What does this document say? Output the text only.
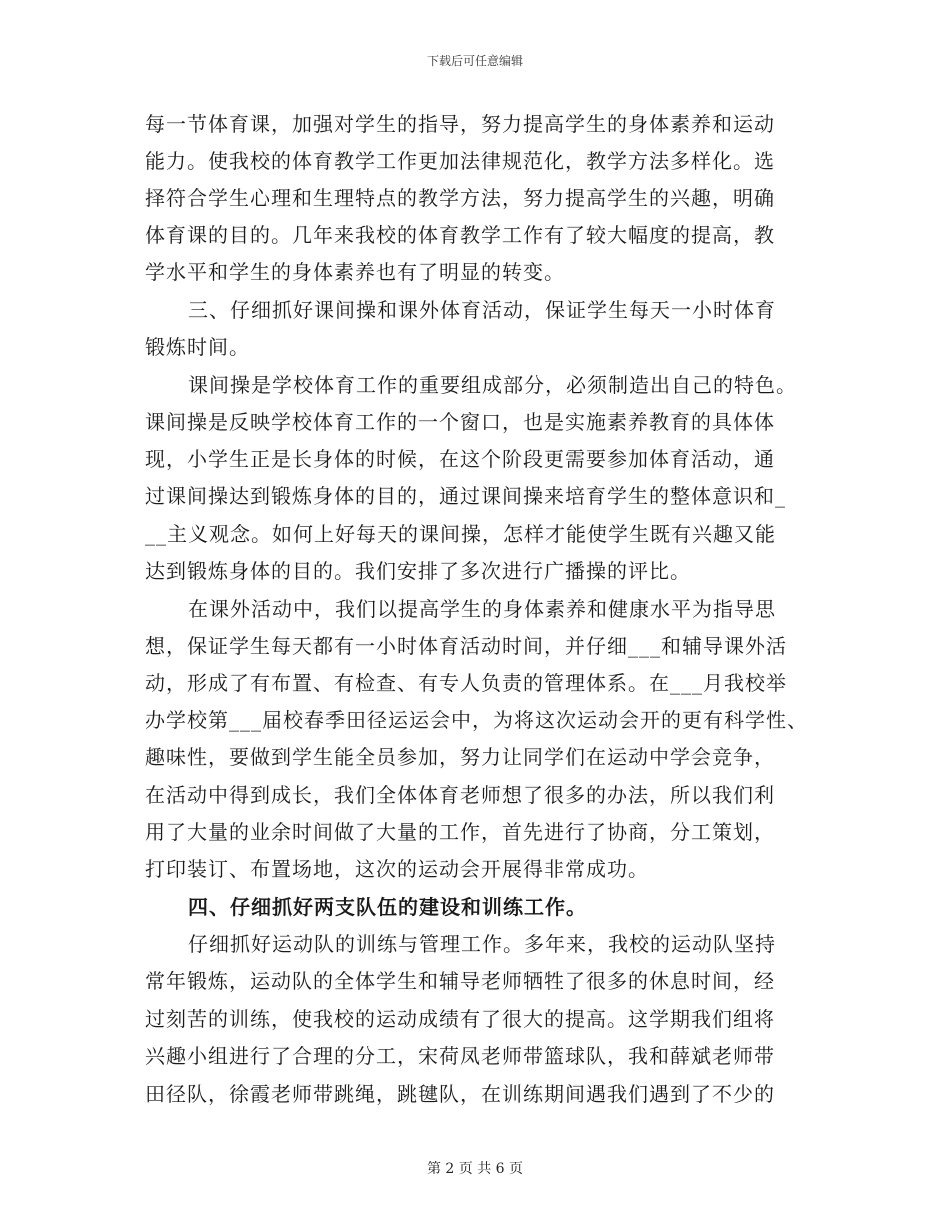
下载后可任意编辑
每一节体育课，加强对学生的指导，努力提高学生的身体素养和运动
能力。使我校的体育教学工作更加法律规范化，教学方法多样化。选
择符合学生心理和生理特点的教学方法，努力提高学生的兴趣，明确
体育课的目的。几年来我校的体育教学工作有了较大幅度的提高，教
学水平和学生的身体素养也有了明显的转变。
三、仔细抓好课间操和课外体育活动，保证学生每天一小时体育
锻炼时间。
课间操是学校体育工作的重要组成部分，必须制造出自己的特色。
课间操是反映学校体育工作的一个窗口，也是实施素养教育的具体体
现，小学生正是长身体的时候，在这个阶段更需要参加体育活动，通
过课间操达到锻炼身体的目的，通过课间操来培育学生的整体意识和_
__主义观念。如何上好每天的课间操，怎样才能使学生既有兴趣又能
达到锻炼身体的目的。我们安排了多次进行广播操的评比。
在课外活动中，我们以提高学生的身体素养和健康水平为指导思
想，保证学生每天都有一小时体育活动时间，并仔细___和辅导课外活
动，形成了有布置、有检查、有专人负责的管理体系。在___月我校举
办学校第___届校春季田径运运会中，为将这次运动会开的更有科学性、
趣味性，要做到学生能全员参加，努力让同学们在运动中学会竞争，
在活动中得到成长，我们全体体育老师想了很多的办法，所以我们利
用了大量的业余时间做了大量的工作，首先进行了协商，分工策划，
打印装订、布置场地，这次的运动会开展得非常成功。
四、仔细抓好两支队伍的建设和训练工作。
仔细抓好运动队的训练与管理工作。多年来，我校的运动队坚持
常年锻炼，运动队的全体学生和辅导老师牺牲了很多的休息时间，经
过刻苦的训练，使我校的运动成绩有了很大的提高。这学期我们组将
兴趣小组进行了合理的分工，宋荷凤老师带篮球队，我和薛斌老师带
田径队，徐霞老师带跳绳，跳毽队，在训练期间遇我们遇到了不少的
第 2 页 共 6 页
